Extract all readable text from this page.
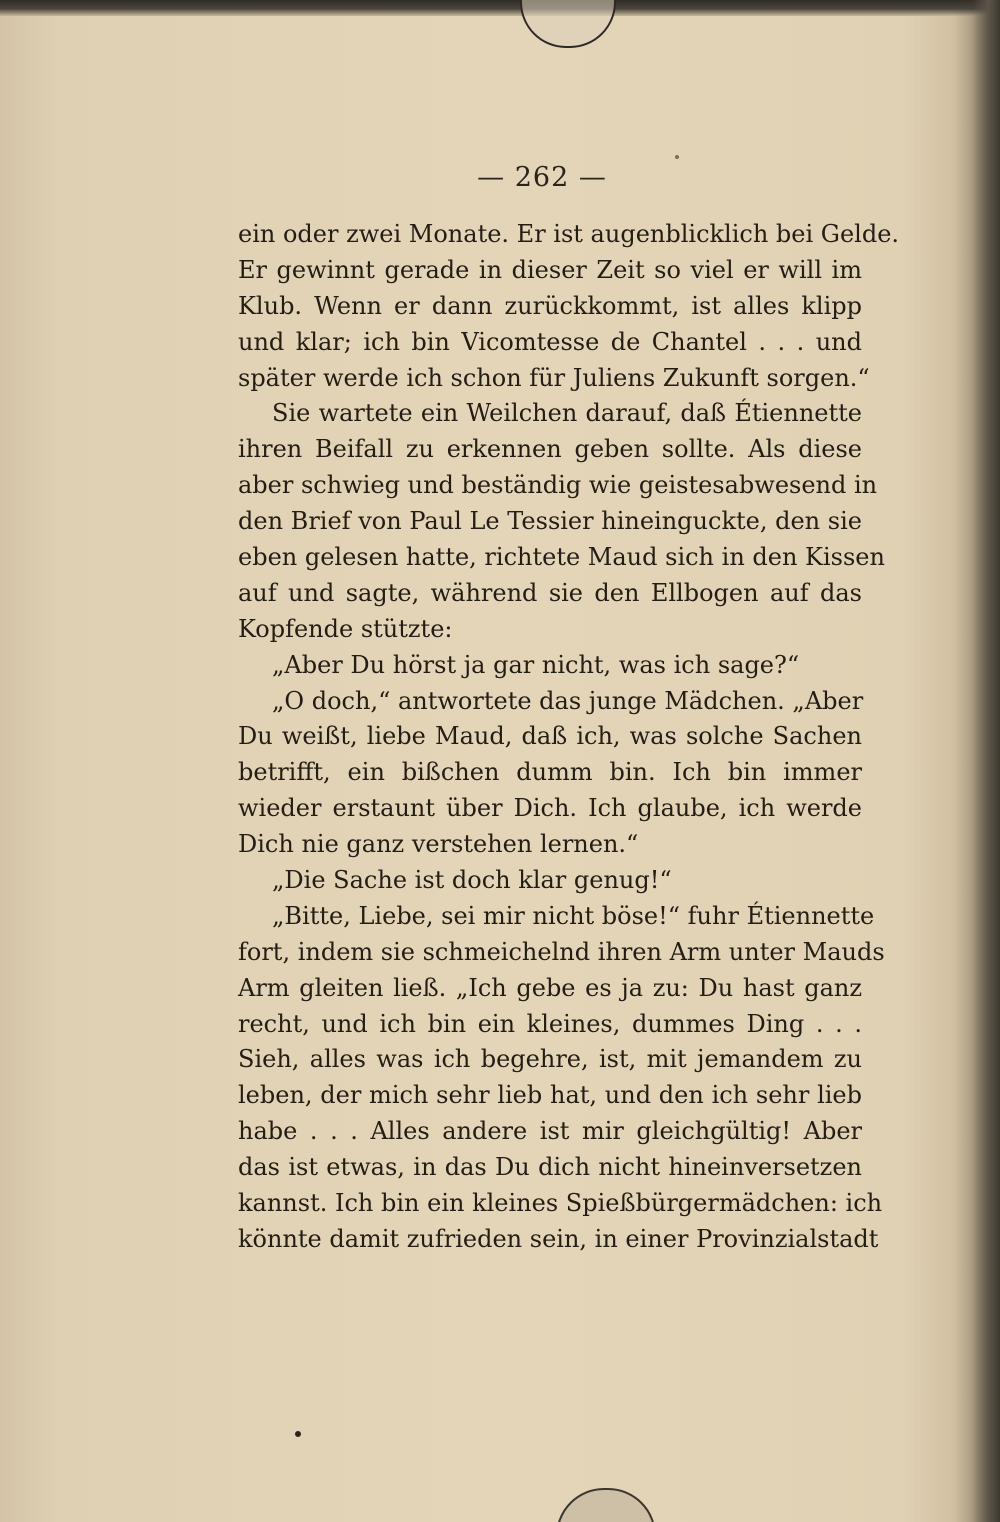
— 262 —
ein oder zwei Monate. Er ist augenblicklich bei Gelde.
Er gewinnt gerade in dieser Zeit so viel er will im
Klub. Wenn er dann zurückkommt, ist alles klipp
und klar; ich bin Vicomtesse de Chantel . . . und
später werde ich schon für Juliens Zukunft sorgen.“
Sie wartete ein Weilchen darauf, daß Étiennette
ihren Beifall zu erkennen geben sollte. Als diese
aber schwieg und beständig wie geistesabwesend in
den Brief von Paul Le Tessier hineinguckte, den sie
eben gelesen hatte, richtete Maud sich in den Kissen
auf und sagte, während sie den Ellbogen auf das
Kopfende stützte:
„Aber Du hörst ja gar nicht, was ich sage?“
„O doch,“ antwortete das junge Mädchen. „Aber
Du weißt, liebe Maud, daß ich, was solche Sachen
betrifft, ein bißchen dumm bin. Ich bin immer
wieder erstaunt über Dich. Ich glaube, ich werde
Dich nie ganz verstehen lernen.“
„Die Sache ist doch klar genug!“
„Bitte, Liebe, sei mir nicht böse!“ fuhr Étiennette
fort, indem sie schmeichelnd ihren Arm unter Mauds
Arm gleiten ließ. „Ich gebe es ja zu: Du hast ganz
recht, und ich bin ein kleines, dummes Ding . . .
Sieh, alles was ich begehre, ist, mit jemandem zu
leben, der mich sehr lieb hat, und den ich sehr lieb
habe . . . Alles andere ist mir gleichgültig! Aber
das ist etwas, in das Du dich nicht hineinversetzen
kannst. Ich bin ein kleines Spießbürgermädchen: ich
könnte damit zufrieden sein, in einer Provinzialstadt
